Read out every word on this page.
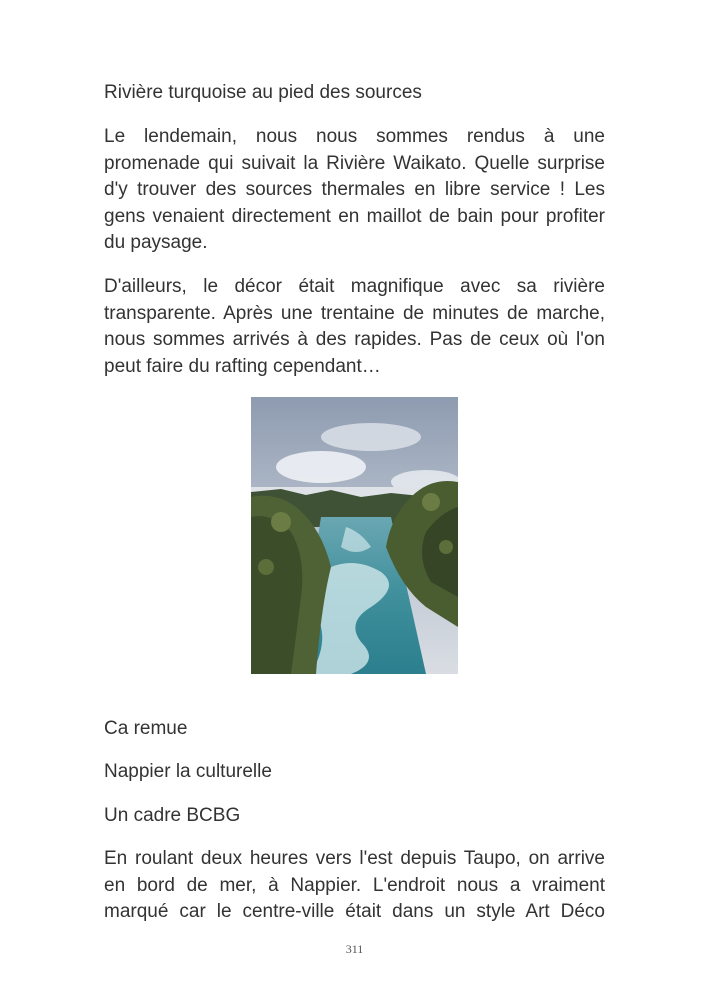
Rivière turquoise au pied des sources
Le lendemain, nous nous sommes rendus à une promenade qui suivait la Rivière Waikato. Quelle surprise d'y trouver des sources thermales en libre service ! Les gens venaient directement en maillot de bain pour profiter du paysage.
D'ailleurs, le décor était magnifique avec sa rivière transparente. Après une trentaine de minutes de marche, nous sommes arrivés à des rapides. Pas de ceux où l'on peut faire du rafting cependant…
Ca remue
Nappier la culturelle
Un cadre BCBG
En roulant deux heures vers l'est depuis Taupo, on arrive en bord de mer, à Nappier. L'endroit nous a vraiment marqué car le centre-ville était dans un style Art Déco
311
